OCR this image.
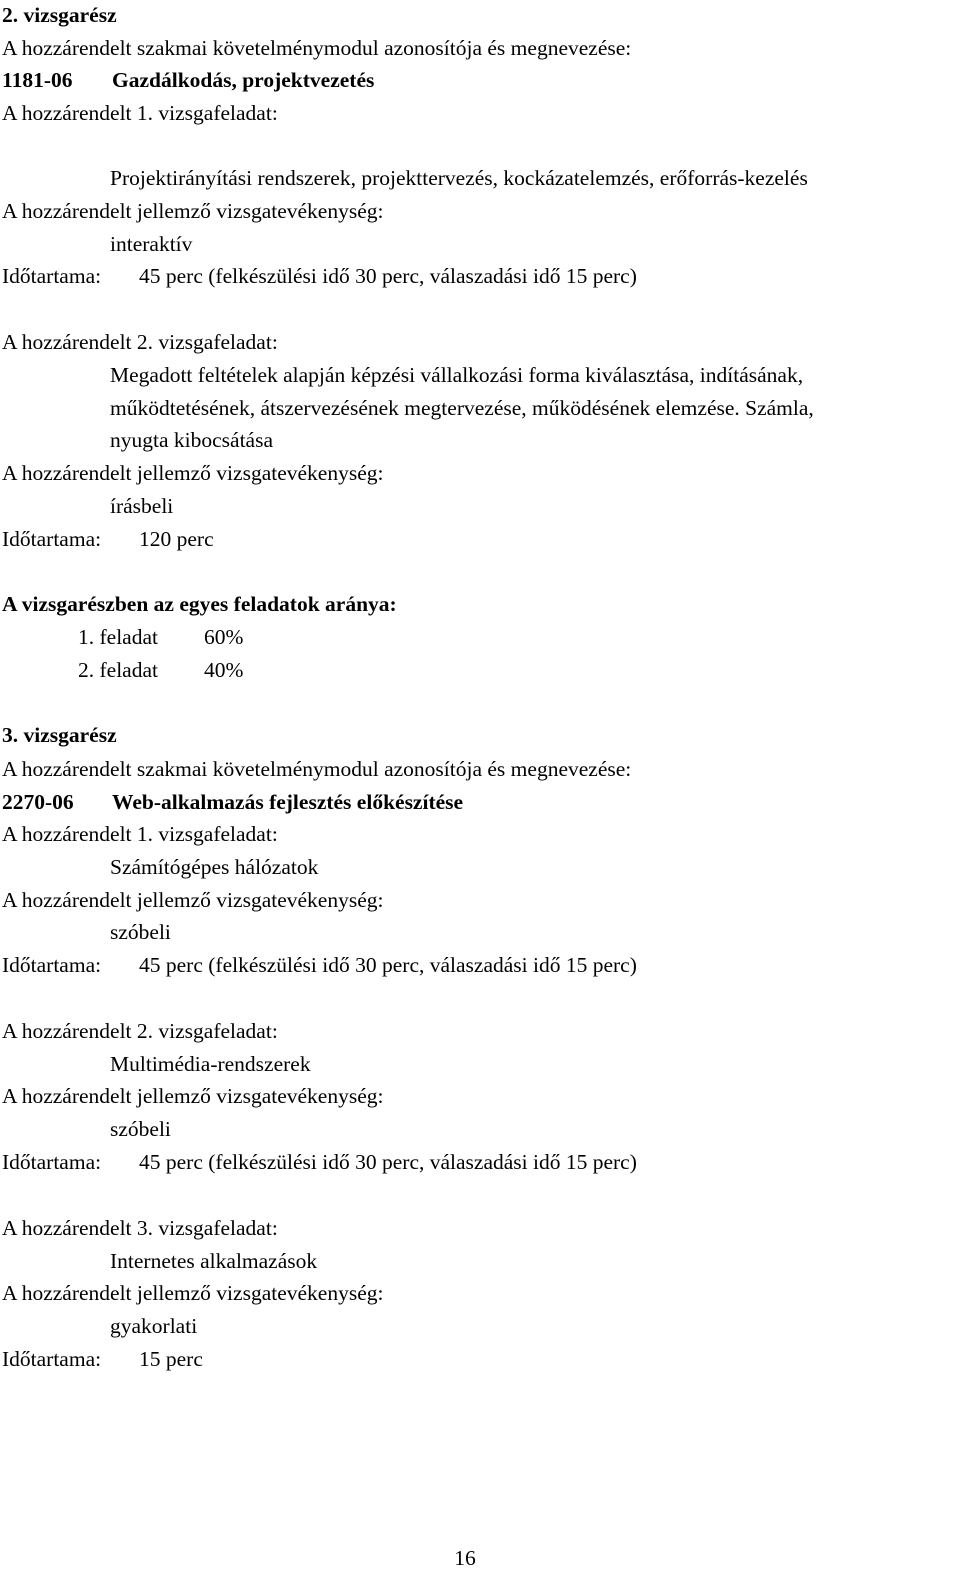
2. vizsgarész
A hozzárendelt szakmai követelménymodul azonosítója és megnevezése:
1181-06 Gazdálkodás, projektvezetés
A hozzárendelt 1. vizsgafeladat:
Projektirányítási rendszerek, projekttervezés, kockázatelemzés, erőforrás-kezelés
A hozzárendelt jellemző vizsgatevékenység:
interaktív
Időtartama: 45 perc (felkészülési idő 30 perc, válaszadási idő 15 perc)
A hozzárendelt 2. vizsgafeladat:
Megadott feltételek alapján képzési vállalkozási forma kiválasztása, indításának,
működtetésének, átszervezésének megtervezése, működésének elemzése. Számla,
nyugta kibocsátása
A hozzárendelt jellemző vizsgatevékenység:
írásbeli
Időtartama: 120 perc
A vizsgarészben az egyes feladatok aránya:
1. feladat 60%
2. feladat 40%
3. vizsgarész
A hozzárendelt szakmai követelménymodul azonosítója és megnevezése:
2270-06 Web-alkalmazás fejlesztés előkészítése
A hozzárendelt 1. vizsgafeladat:
Számítógépes hálózatok
A hozzárendelt jellemző vizsgatevékenység:
szóbeli
Időtartama: 45 perc (felkészülési idő 30 perc, válaszadási idő 15 perc)
A hozzárendelt 2. vizsgafeladat:
Multimédia-rendszerek
A hozzárendelt jellemző vizsgatevékenység:
szóbeli
Időtartama: 45 perc (felkészülési idő 30 perc, válaszadási idő 15 perc)
A hozzárendelt 3. vizsgafeladat:
Internetes alkalmazások
A hozzárendelt jellemző vizsgatevékenység:
gyakorlati
Időtartama: 15 perc
16
